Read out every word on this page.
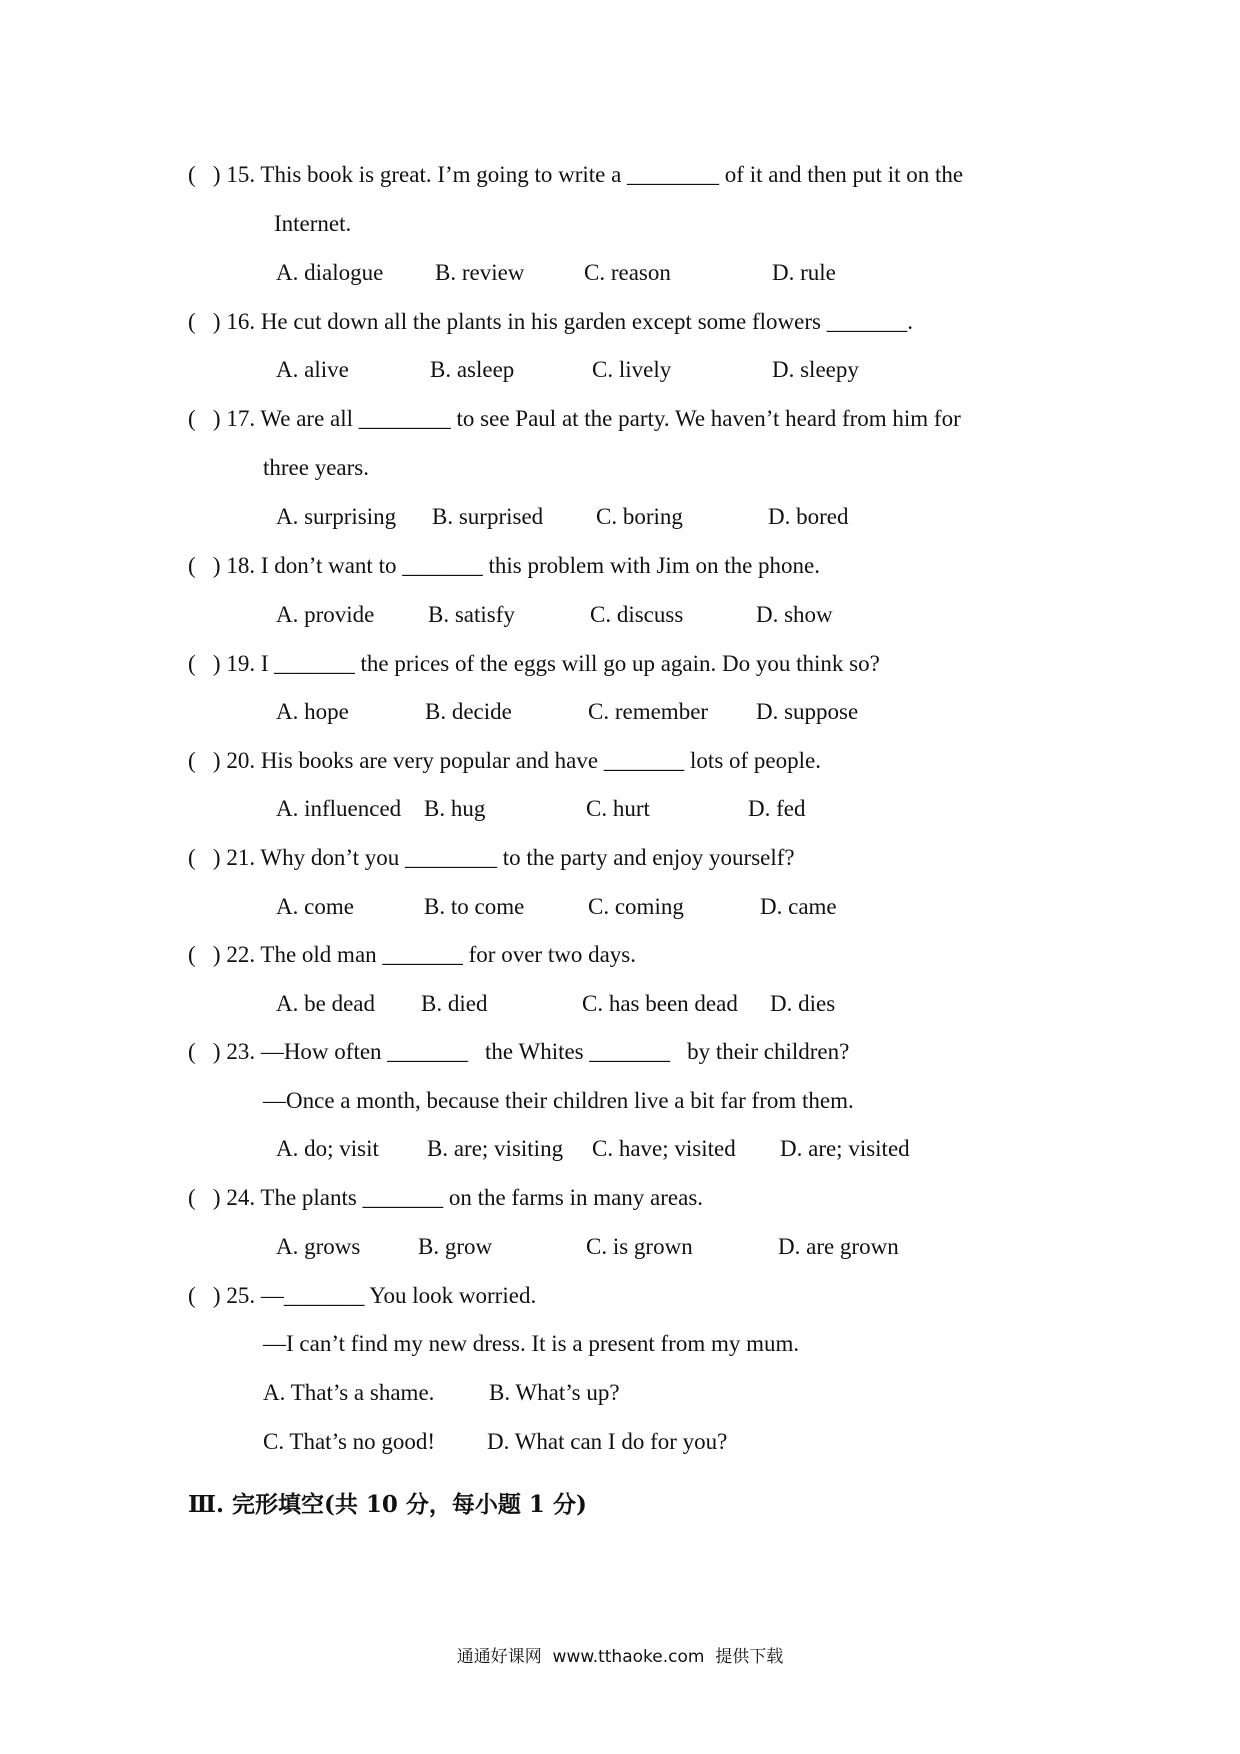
(   ) 15. This book is great. I’m going to write a ________ of it and then put it on the
Internet.

A. dialogue

B. review

	C. reason

	D. rule

(   ) 16. He cut down all the plants in his garden except some flowers _______.

A. alive

	B. asleep

	C. lively

	D. sleepy

(   ) 17. We are all ________ to see Paul at the party. We haven’t heard from him for
three years.

A. surprising

B. surprised

C. boring

	D. bored

(   ) 18. I don’t want to _______ this problem with Jim on the phone.

A. provide

B. satisfy

	C. discuss

	D. show

(   ) 19. I _______ the prices of the eggs will go up again. Do you think so?

A. hope

	B. decide

	C. remember

D. suppose

(   ) 20. His books are very popular and have _______ lots of people.

A. influenced

B. hug

	C. hurt

	D. fed

(   ) 21. Why don’t you ________ to the party and enjoy yourself?

A. come

	B. to come

	C. coming

	D. came

(   ) 22. The old man _______ for over two days.

A. be dead

B. died

	C. has been dead

D. dies

(   ) 23. —How often _______   the Whites _______   by their children?
—Once a month, because their children live a bit far from them.

A. do; visit

B. are; visiting

C. have; visited

D. are; visited

(   ) 24. The plants _______ on the farms in many areas.

A. grows

	B. grow

	C. is grown

	D. are grown

(   ) 25. —_______ You look worried.
—I can’t find my new dress. It is a present from my mum.

A. That’s a shame.

B. What’s up?

C. That’s no good!

D. What can I do for you?

Ⅲ. 完形填空(共 10 分，每小题 1 分)
通通好课网  www.tthaoke.com  提供下载
